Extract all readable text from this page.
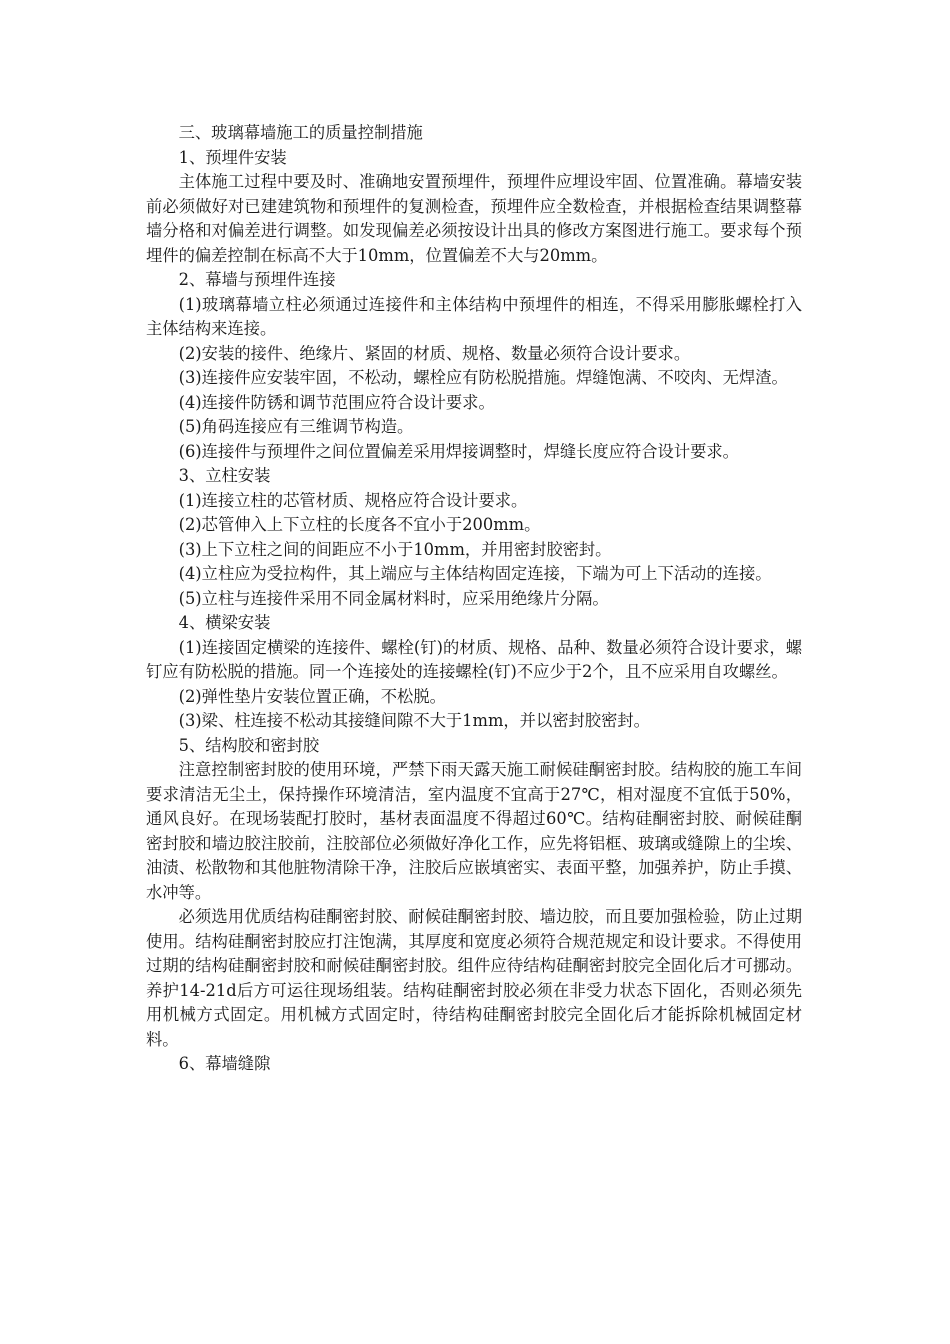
三、玻璃幕墙施工的质量控制措施
1、预埋件安装
主体施工过程中要及时、准确地安置预埋件，预埋件应埋设牢固、位置准确。幕墙安装前必须做好对已建建筑物和预埋件的复测检查，预埋件应全数检查，并根据检查结果调整幕墙分格和对偏差进行调整。如发现偏差必须按设计出具的修改方案图进行施工。要求每个预埋件的偏差控制在标高不大于10mm，位置偏差不大与20mm。
2、幕墙与预埋件连接
(1)玻璃幕墙立柱必须通过连接件和主体结构中预埋件的相连，不得采用膨胀螺栓打入主体结构来连接。
(2)安装的接件、绝缘片、紧固的材质、规格、数量必须符合设计要求。
(3)连接件应安装牢固，不松动，螺栓应有防松脱措施。焊缝饱满、不咬肉、无焊渣。
(4)连接件防锈和调节范围应符合设计要求。
(5)角码连接应有三维调节构造。
(6)连接件与预埋件之间位置偏差采用焊接调整时，焊缝长度应符合设计要求。
3、立柱安装
(1)连接立柱的芯管材质、规格应符合设计要求。
(2)芯管伸入上下立柱的长度各不宜小于200mm。
(3)上下立柱之间的间距应不小于10mm，并用密封胶密封。
(4)立柱应为受拉构件，其上端应与主体结构固定连接，下端为可上下活动的连接。
(5)立柱与连接件采用不同金属材料时，应采用绝缘片分隔。
4、横梁安装
(1)连接固定横梁的连接件、螺栓(钉)的材质、规格、品种、数量必须符合设计要求，螺钉应有防松脱的措施。同一个连接处的连接螺栓(钉)不应少于2个，且不应采用自攻螺丝。
(2)弹性垫片安装位置正确，不松脱。
(3)梁、柱连接不松动其接缝间隙不大于1mm，并以密封胶密封。
5、结构胶和密封胶
注意控制密封胶的使用环境，严禁下雨天露天施工耐候硅酮密封胶。结构胶的施工车间要求清洁无尘土，保持操作环境清洁，室内温度不宜高于27℃，相对湿度不宜低于50%，通风良好。在现场装配打胶时，基材表面温度不得超过60℃。结构硅酮密封胶、耐候硅酮密封胶和墙边胶注胶前，注胶部位必须做好净化工作，应先将铝框、玻璃或缝隙上的尘埃、油渍、松散物和其他脏物清除干净，注胶后应嵌填密实、表面平整，加强养护，防止手摸、水冲等。
必须选用优质结构硅酮密封胶、耐候硅酮密封胶、墙边胶，而且要加强检验，防止过期使用。结构硅酮密封胶应打注饱满，其厚度和宽度必须符合规范规定和设计要求。不得使用过期的结构硅酮密封胶和耐候硅酮密封胶。组件应待结构硅酮密封胶完全固化后才可挪动。养护14-21d后方可运往现场组装。结构硅酮密封胶必须在非受力状态下固化，否则必须先用机械方式固定。用机械方式固定时，待结构硅酮密封胶完全固化后才能拆除机械固定材料。
6、幕墙缝隙
